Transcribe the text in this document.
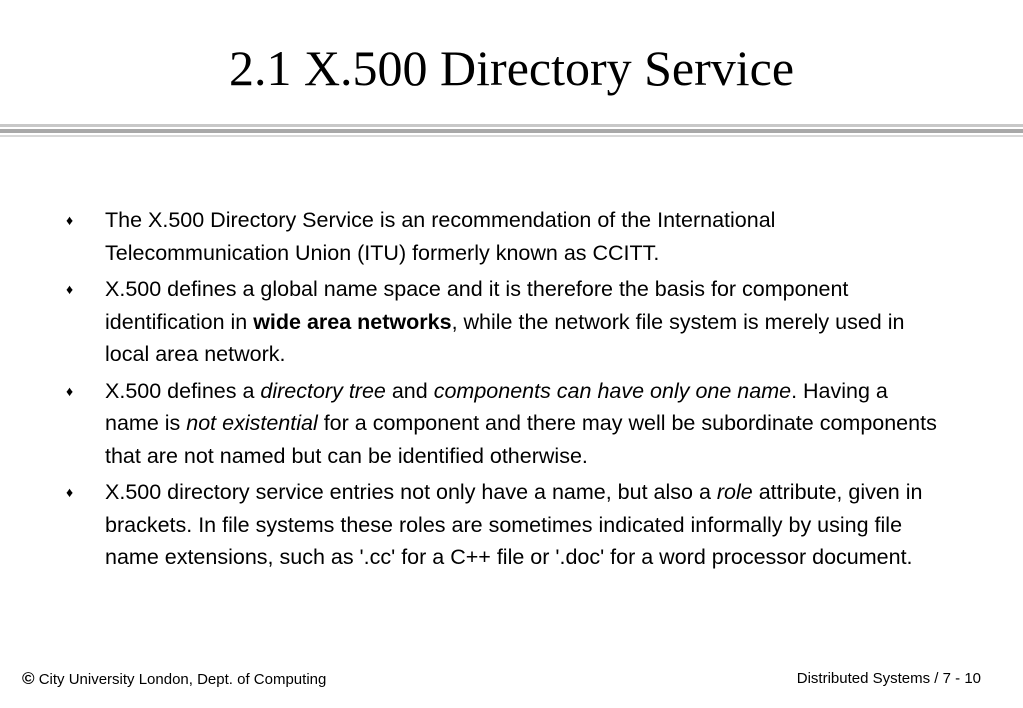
2.1 X.500 Directory Service
♦ The X.500 Directory Service is an recommendation of the International Telecommunication Union (ITU) formerly known as CCITT.
♦ X.500 defines a global name space and it is therefore the basis for component identification in wide area networks, while the network file system is merely used in local area network.
♦ X.500 defines a directory tree and components can have only one name. Having a name is not existential for a component and there may well be subordinate components that are not named but can be identified otherwise.
♦ X.500 directory service entries not only have a name, but also a role attribute, given in brackets. In file systems these roles are sometimes indicated informally by using file name extensions, such as '.cc' for a C++ file or '.doc' for a word processor document.
© City University London, Dept. of Computing	Distributed Systems / 7 - 10
